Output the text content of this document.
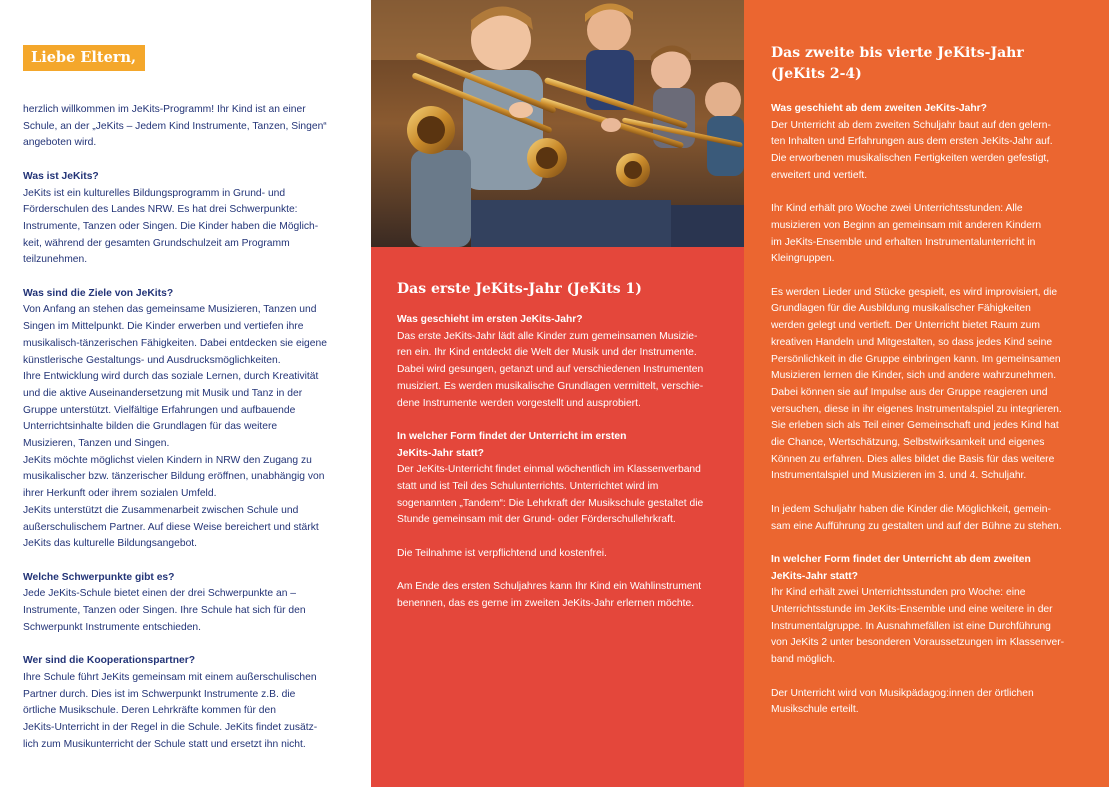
Liebe Eltern,

herzlich willkommen im JeKits-Programm! Ihr Kind ist an einer

Schule, an der „JeKits – Jedem Kind Instrumente, Tanzen, Singen“

angeboten wird.

Was ist JeKits?

JeKits ist ein kulturelles Bildungsprogramm in Grund- und

Förderschulen des Landes NRW. Es hat drei Schwerpunkte:

Instrumente, Tanzen oder Singen. Die Kinder haben die Möglich-

keit, während der gesamten Grundschulzeit am Programm

teilzunehmen.

Was sind die Ziele von JeKits?

Von Anfang an stehen das gemeinsame Musizieren, Tanzen und

Singen im Mittelpunkt. Die Kinder erwerben und vertiefen ihre

musikalisch-tänzerischen Fähigkeiten. Dabei entdecken sie eigene

künstlerische Gestaltungs- und Ausdrucksmöglichkeiten.

Ihre Entwicklung wird durch das soziale Lernen, durch Kreativität

und die aktive Auseinandersetzung mit Musik und Tanz in der

Gruppe unterstützt. Vielfältige Erfahrungen und aufbauende

Unterrichtsinhalte bilden die Grundlagen für das weitere

Musizieren, Tanzen und Singen.

JeKits möchte möglichst vielen Kindern in NRW den Zugang zu

musikalischer bzw. tänzerischer Bildung eröffnen, unabhängig von

ihrer Herkunft oder ihrem sozialen Umfeld.

JeKits unterstützt die Zusammenarbeit zwischen Schule und

außerschulischem Partner. Auf diese Weise bereichert und stärkt

JeKits das kulturelle Bildungsangebot.

Welche Schwerpunkte gibt es?

Jede JeKits-Schule bietet einen der drei Schwerpunkte an –

Instrumente, Tanzen oder Singen. Ihre Schule hat sich für den

Schwerpunkt Instrumente entschieden.

Wer sind die Kooperationspartner?

Ihre Schule führt JeKits gemeinsam mit einem außerschulischen

Partner durch. Dies ist im Schwerpunkt Instrumente z.B. die

örtliche Musikschule. Deren Lehrkräfte kommen für den

JeKits-Unterricht in der Regel in die Schule. JeKits findet zusätz-

lich zum Musikunterricht der Schule statt und ersetzt ihn nicht.

Das erste JeKits-Jahr (JeKits 1)

Was geschieht im ersten JeKits-Jahr?

Das erste JeKits-Jahr lädt alle Kinder zum gemeinsamen Musizie-

ren ein. Ihr Kind entdeckt die Welt der Musik und der Instrumente.

Dabei wird gesungen, getanzt und auf verschiedenen Instrumenten

musiziert. Es werden musikalische Grundlagen vermittelt, verschie-

dene Instrumente werden vorgestellt und ausprobiert.

In welcher Form findet der Unterricht im ersten

JeKits-Jahr statt?

Der JeKits-Unterricht findet einmal wöchentlich im Klassenverband

statt und ist Teil des Schulunterrichts. Unterrichtet wird im

sogenannten „Tandem“: Die Lehrkraft der Musikschule gestaltet die

Stunde gemeinsam mit der Grund- oder Förderschullehrkraft.

Die Teilnahme ist verpflichtend und kostenfrei.

Am Ende des ersten Schuljahres kann Ihr Kind ein Wahlinstrument

benennen, das es gerne im zweiten JeKits-Jahr erlernen möchte.

Das zweite bis vierte JeKits-Jahr
(JeKits 2-4)

Was geschieht ab dem zweiten JeKits-Jahr?

Der Unterricht ab dem zweiten Schuljahr baut auf den gelern-

ten Inhalten und Erfahrungen aus dem ersten JeKits-Jahr auf.

Die erworbenen musikalischen Fertigkeiten werden gefestigt,

erweitert und vertieft.

Ihr Kind erhält pro Woche zwei Unterrichtsstunden: Alle

musizieren von Beginn an gemeinsam mit anderen Kindern

im JeKits-Ensemble und erhalten Instrumentalunterricht in

Kleingruppen.

Es werden Lieder und Stücke gespielt, es wird improvisiert, die

Grundlagen für die Ausbildung musikalischer Fähigkeiten

werden gelegt und vertieft. Der Unterricht bietet Raum zum

kreativen Handeln und Mitgestalten, so dass jedes Kind seine

Persönlichkeit in die Gruppe einbringen kann. Im gemeinsamen

Musizieren lernen die Kinder, sich und andere wahrzunehmen.

Dabei können sie auf Impulse aus der Gruppe reagieren und

versuchen, diese in ihr eigenes Instrumentalspiel zu integrieren.

Sie erleben sich als Teil einer Gemeinschaft und jedes Kind hat

die Chance, Wertschätzung, Selbstwirksamkeit und eigenes

Können zu erfahren. Dies alles bildet die Basis für das weitere

Instrumentalspiel und Musizieren im 3. und 4. Schuljahr.

In jedem Schuljahr haben die Kinder die Möglichkeit, gemein-

sam eine Aufführung zu gestalten und auf der Bühne zu stehen.

In welcher Form findet der Unterricht ab dem zweiten

JeKits-Jahr statt?

Ihr Kind erhält zwei Unterrichtsstunden pro Woche: eine

Unterrichtsstunde im JeKits-Ensemble und eine weitere in der

Instrumentalgruppe. In Ausnahmefällen ist eine Durchführung

von JeKits 2 unter besonderen Voraussetzungen im Klassenver-

band möglich.

Der Unterricht wird von Musikpädagog:innen der örtlichen

Musikschule erteilt.
